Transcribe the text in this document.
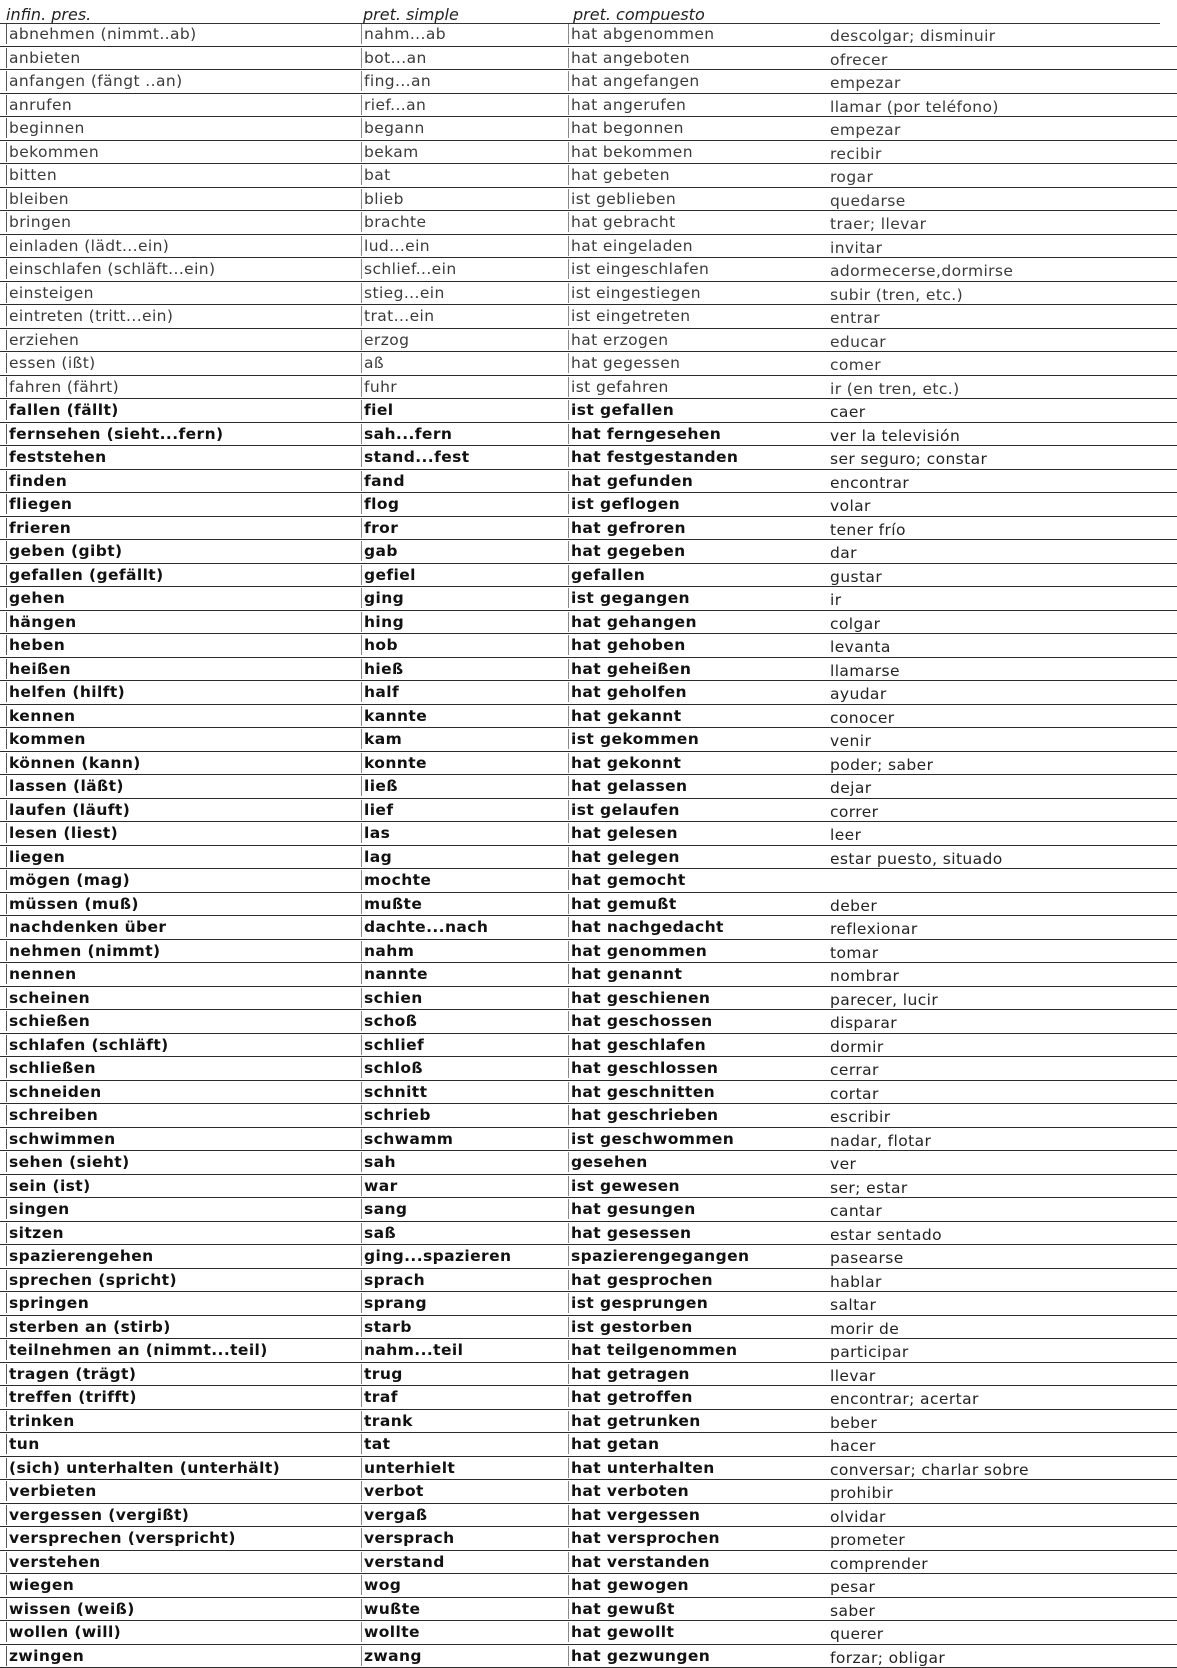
infin. pres.	pret. simple	pret. compuesto
abnehmen (nimmt..ab)	nahm...ab	hat abgenommen	descolgar; disminuir
anbieten	bot...an	hat angeboten	ofrecer
anfangen (fängt ..an)	fing...an	hat angefangen	empezar
anrufen	rief...an	hat angerufen	llamar (por teléfono)
beginnen	begann	hat begonnen	empezar
bekommen	bekam	hat bekommen	recibir
bitten	bat	hat gebeten	rogar
bleiben	blieb	ist geblieben	quedarse
bringen	brachte	hat gebracht	traer; llevar
einladen (lädt...ein)	lud...ein	hat eingeladen	invitar
einschlafen (schläft...ein)	schlief...ein	ist eingeschlafen	adormecerse,dormirse
einsteigen	stieg...ein	ist eingestiegen	subir (tren, etc.)
eintreten (tritt...ein)	trat...ein	ist eingetreten	entrar
erziehen	erzog	hat erzogen	educar
essen (ißt)	aß	hat gegessen	comer
fahren (fährt)	fuhr	ist gefahren	ir (en tren, etc.)
fallen (fällt)	fiel	ist gefallen	caer
fernsehen (sieht...fern)	sah...fern	hat ferngesehen	ver la televisión
feststehen	stand...fest	hat festgestanden	ser seguro; constar
finden	fand	hat gefunden	encontrar
fliegen	flog	ist geflogen	volar
frieren	fror	hat gefroren	tener frío
geben (gibt)	gab	hat gegeben	dar
gefallen (gefällt)	gefiel	gefallen	gustar
gehen	ging	ist gegangen	ir
hängen	hing	hat gehangen	colgar
heben	hob	hat gehoben	levanta
heißen	hieß	hat geheißen	llamarse
helfen (hilft)	half	hat geholfen	ayudar
kennen	kannte	hat gekannt	conocer
kommen	kam	ist gekommen	venir
können (kann)	konnte	hat gekonnt	poder; saber
lassen (läßt)	ließ	hat gelassen	dejar
laufen (läuft)	lief	ist gelaufen	correr
lesen (liest)	las	hat gelesen	leer
liegen	lag	hat gelegen	estar puesto, situado
mögen (mag)	mochte	hat gemocht
müssen (muß)	mußte	hat gemußt	deber
nachdenken über	dachte...nach	hat nachgedacht	reflexionar
nehmen (nimmt)	nahm	hat genommen	tomar
nennen	nannte	hat genannt	nombrar
scheinen	schien	hat geschienen	parecer, lucir
schießen	schoß	hat geschossen	disparar
schlafen (schläft)	schlief	hat geschlafen	dormir
schließen	schloß	hat geschlossen	cerrar
schneiden	schnitt	hat geschnitten	cortar
schreiben	schrieb	hat geschrieben	escribir
schwimmen	schwamm	ist geschwommen	nadar, flotar
sehen (sieht)	sah	gesehen	ver
sein (ist)	war	ist gewesen	ser; estar
singen	sang	hat gesungen	cantar
sitzen	saß	hat gesessen	estar sentado
spazierengehen	ging...spazieren	spazierengegangen	pasearse
sprechen (spricht)	sprach	hat gesprochen	hablar
springen	sprang	ist gesprungen	saltar
sterben an (stirb)	starb	ist gestorben	morir de
teilnehmen an (nimmt...teil)	nahm...teil	hat teilgenommen	participar
tragen (trägt)	trug	hat getragen	llevar
treffen (trifft)	traf	hat getroffen	encontrar; acertar
trinken	trank	hat getrunken	beber
tun	tat	hat getan	hacer
(sich) unterhalten (unterhält)	unterhielt	hat unterhalten	conversar; charlar sobre
verbieten	verbot	hat verboten	prohibir
vergessen (vergißt)	vergaß	hat vergessen	olvidar
versprechen (verspricht)	versprach	hat versprochen	prometer
verstehen	verstand	hat verstanden	comprender
wiegen	wog	hat gewogen	pesar
wissen (weiß)	wußte	hat gewußt	saber
wollen (will)	wollte	hat gewollt	querer
zwingen	zwang	hat gezwungen	forzar; obligar
